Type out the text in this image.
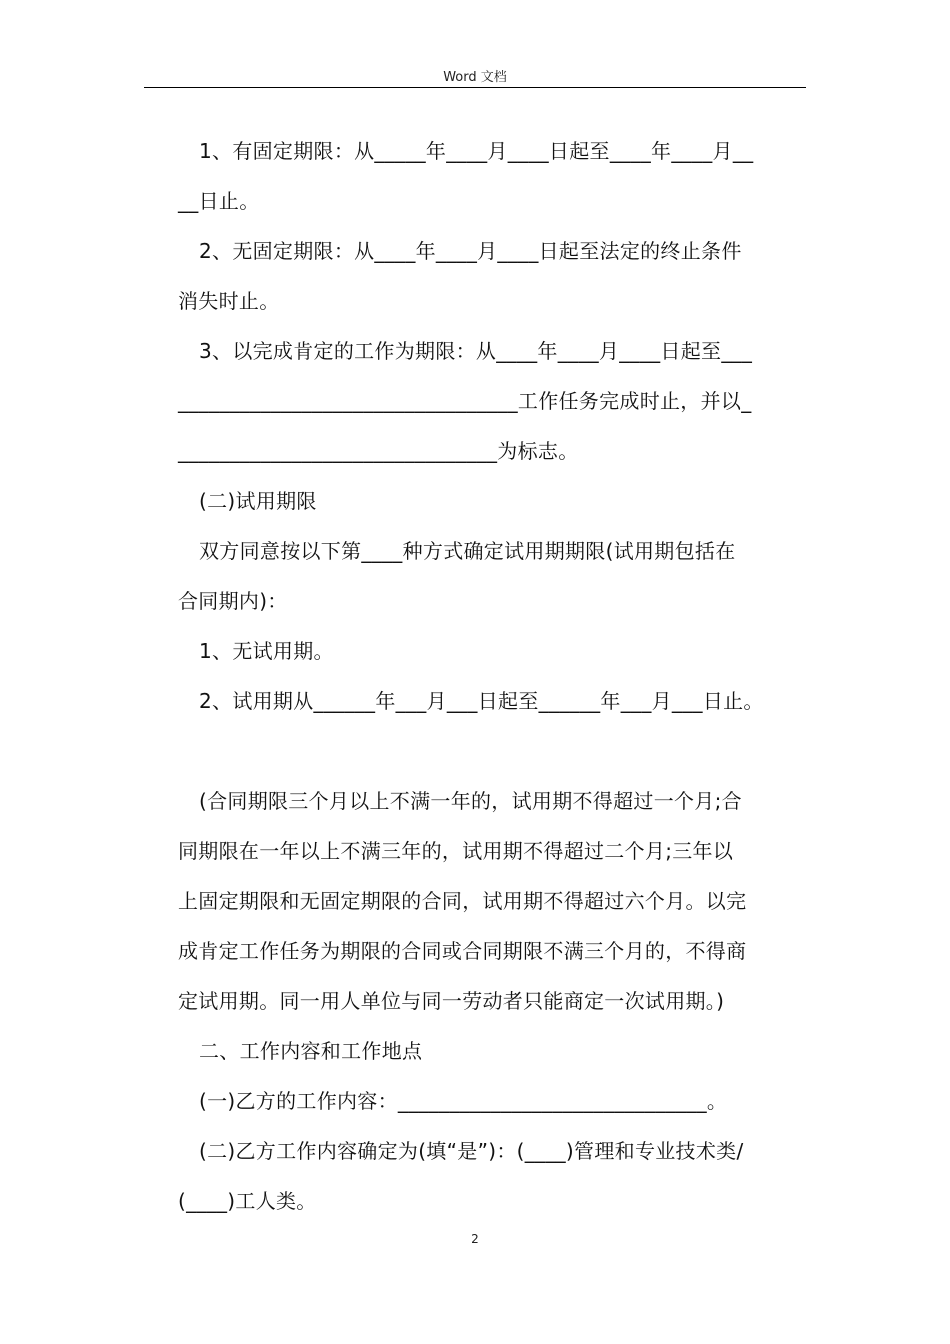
Word 文档

1、有固定期限：从_____年____月____日起至____年____月__

__日止。

2、无固定期限：从____年____月____日起至法定的终止条件

消失时止。

3、以完成肯定的工作为期限：从____年____月____日起至___

_________________________________工作任务完成时止，并以_

_______________________________为标志。

(二)试用期限

双方同意按以下第____种方式确定试用期期限(试用期包括在

合同期内)：

1、无试用期。

2、试用期从______年___月___日起至______年___月___日止。

(合同期限三个月以上不满一年的，试用期不得超过一个月;合

同期限在一年以上不满三年的，试用期不得超过二个月;三年以

上固定期限和无固定期限的合同，试用期不得超过六个月。以完

成肯定工作任务为期限的合同或合同期限不满三个月的，不得商

定试用期。同一用人单位与同一劳动者只能商定一次试用期。)

二、工作内容和工作地点

(一)乙方的工作内容：______________________________。

(二)乙方工作内容确定为(填“是”)：(____)管理和专业技术类/

(____)工人类。

2
